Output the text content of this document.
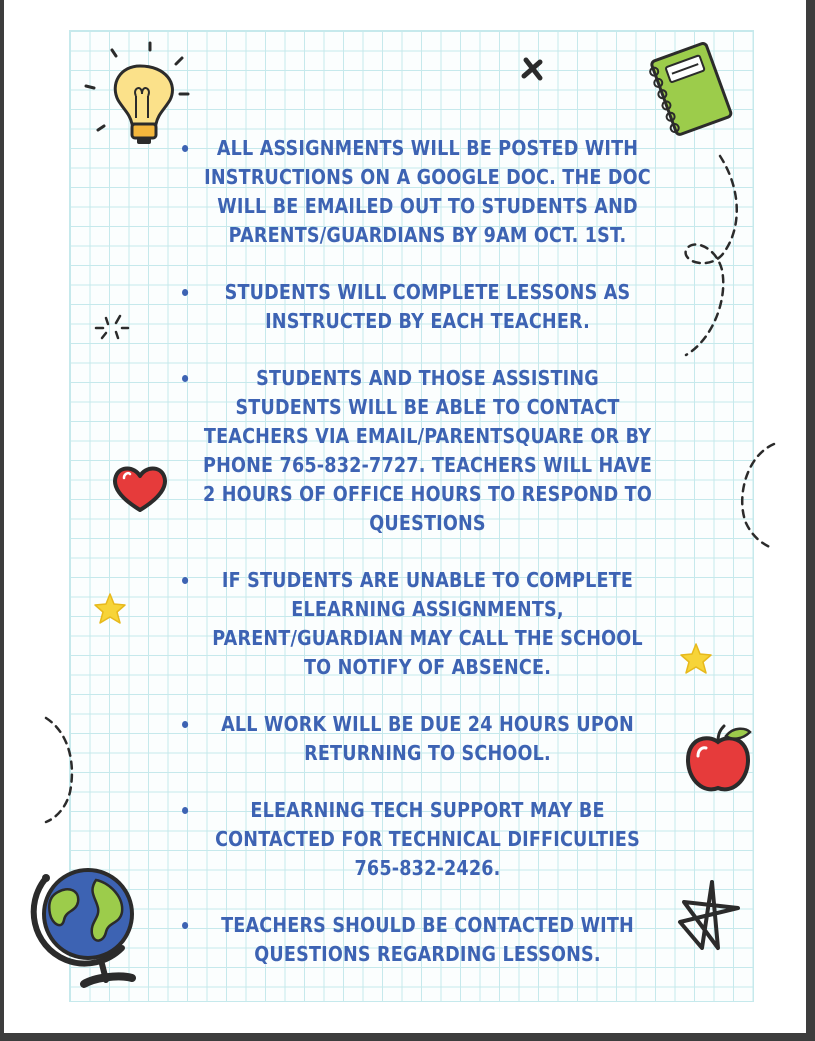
ALL ASSIGNMENTS WILL BE POSTED WITH INSTRUCTIONS ON A GOOGLE DOC. THE DOC WILL BE EMAILED OUT TO STUDENTS AND PARENTS/GUARDIANS BY 9AM OCT. 1ST.
STUDENTS WILL COMPLETE LESSONS AS INSTRUCTED BY EACH TEACHER.
STUDENTS AND THOSE ASSISTING STUDENTS WILL BE ABLE TO CONTACT TEACHERS VIA EMAIL/PARENTSQUARE OR BY PHONE 765-832-7727. TEACHERS WILL HAVE 2 HOURS OF OFFICE HOURS TO RESPOND TO QUESTIONS
IF STUDENTS ARE UNABLE TO COMPLETE ELEARNING ASSIGNMENTS, PARENT/GUARDIAN MAY CALL THE SCHOOL TO NOTIFY OF ABSENCE.
ALL WORK WILL BE DUE 24 HOURS UPON RETURNING TO SCHOOL.
ELEARNING TECH SUPPORT MAY BE CONTACTED FOR TECHNICAL DIFFICULTIES 765-832-2426.
TEACHERS SHOULD BE CONTACTED WITH QUESTIONS REGARDING LESSONS.
